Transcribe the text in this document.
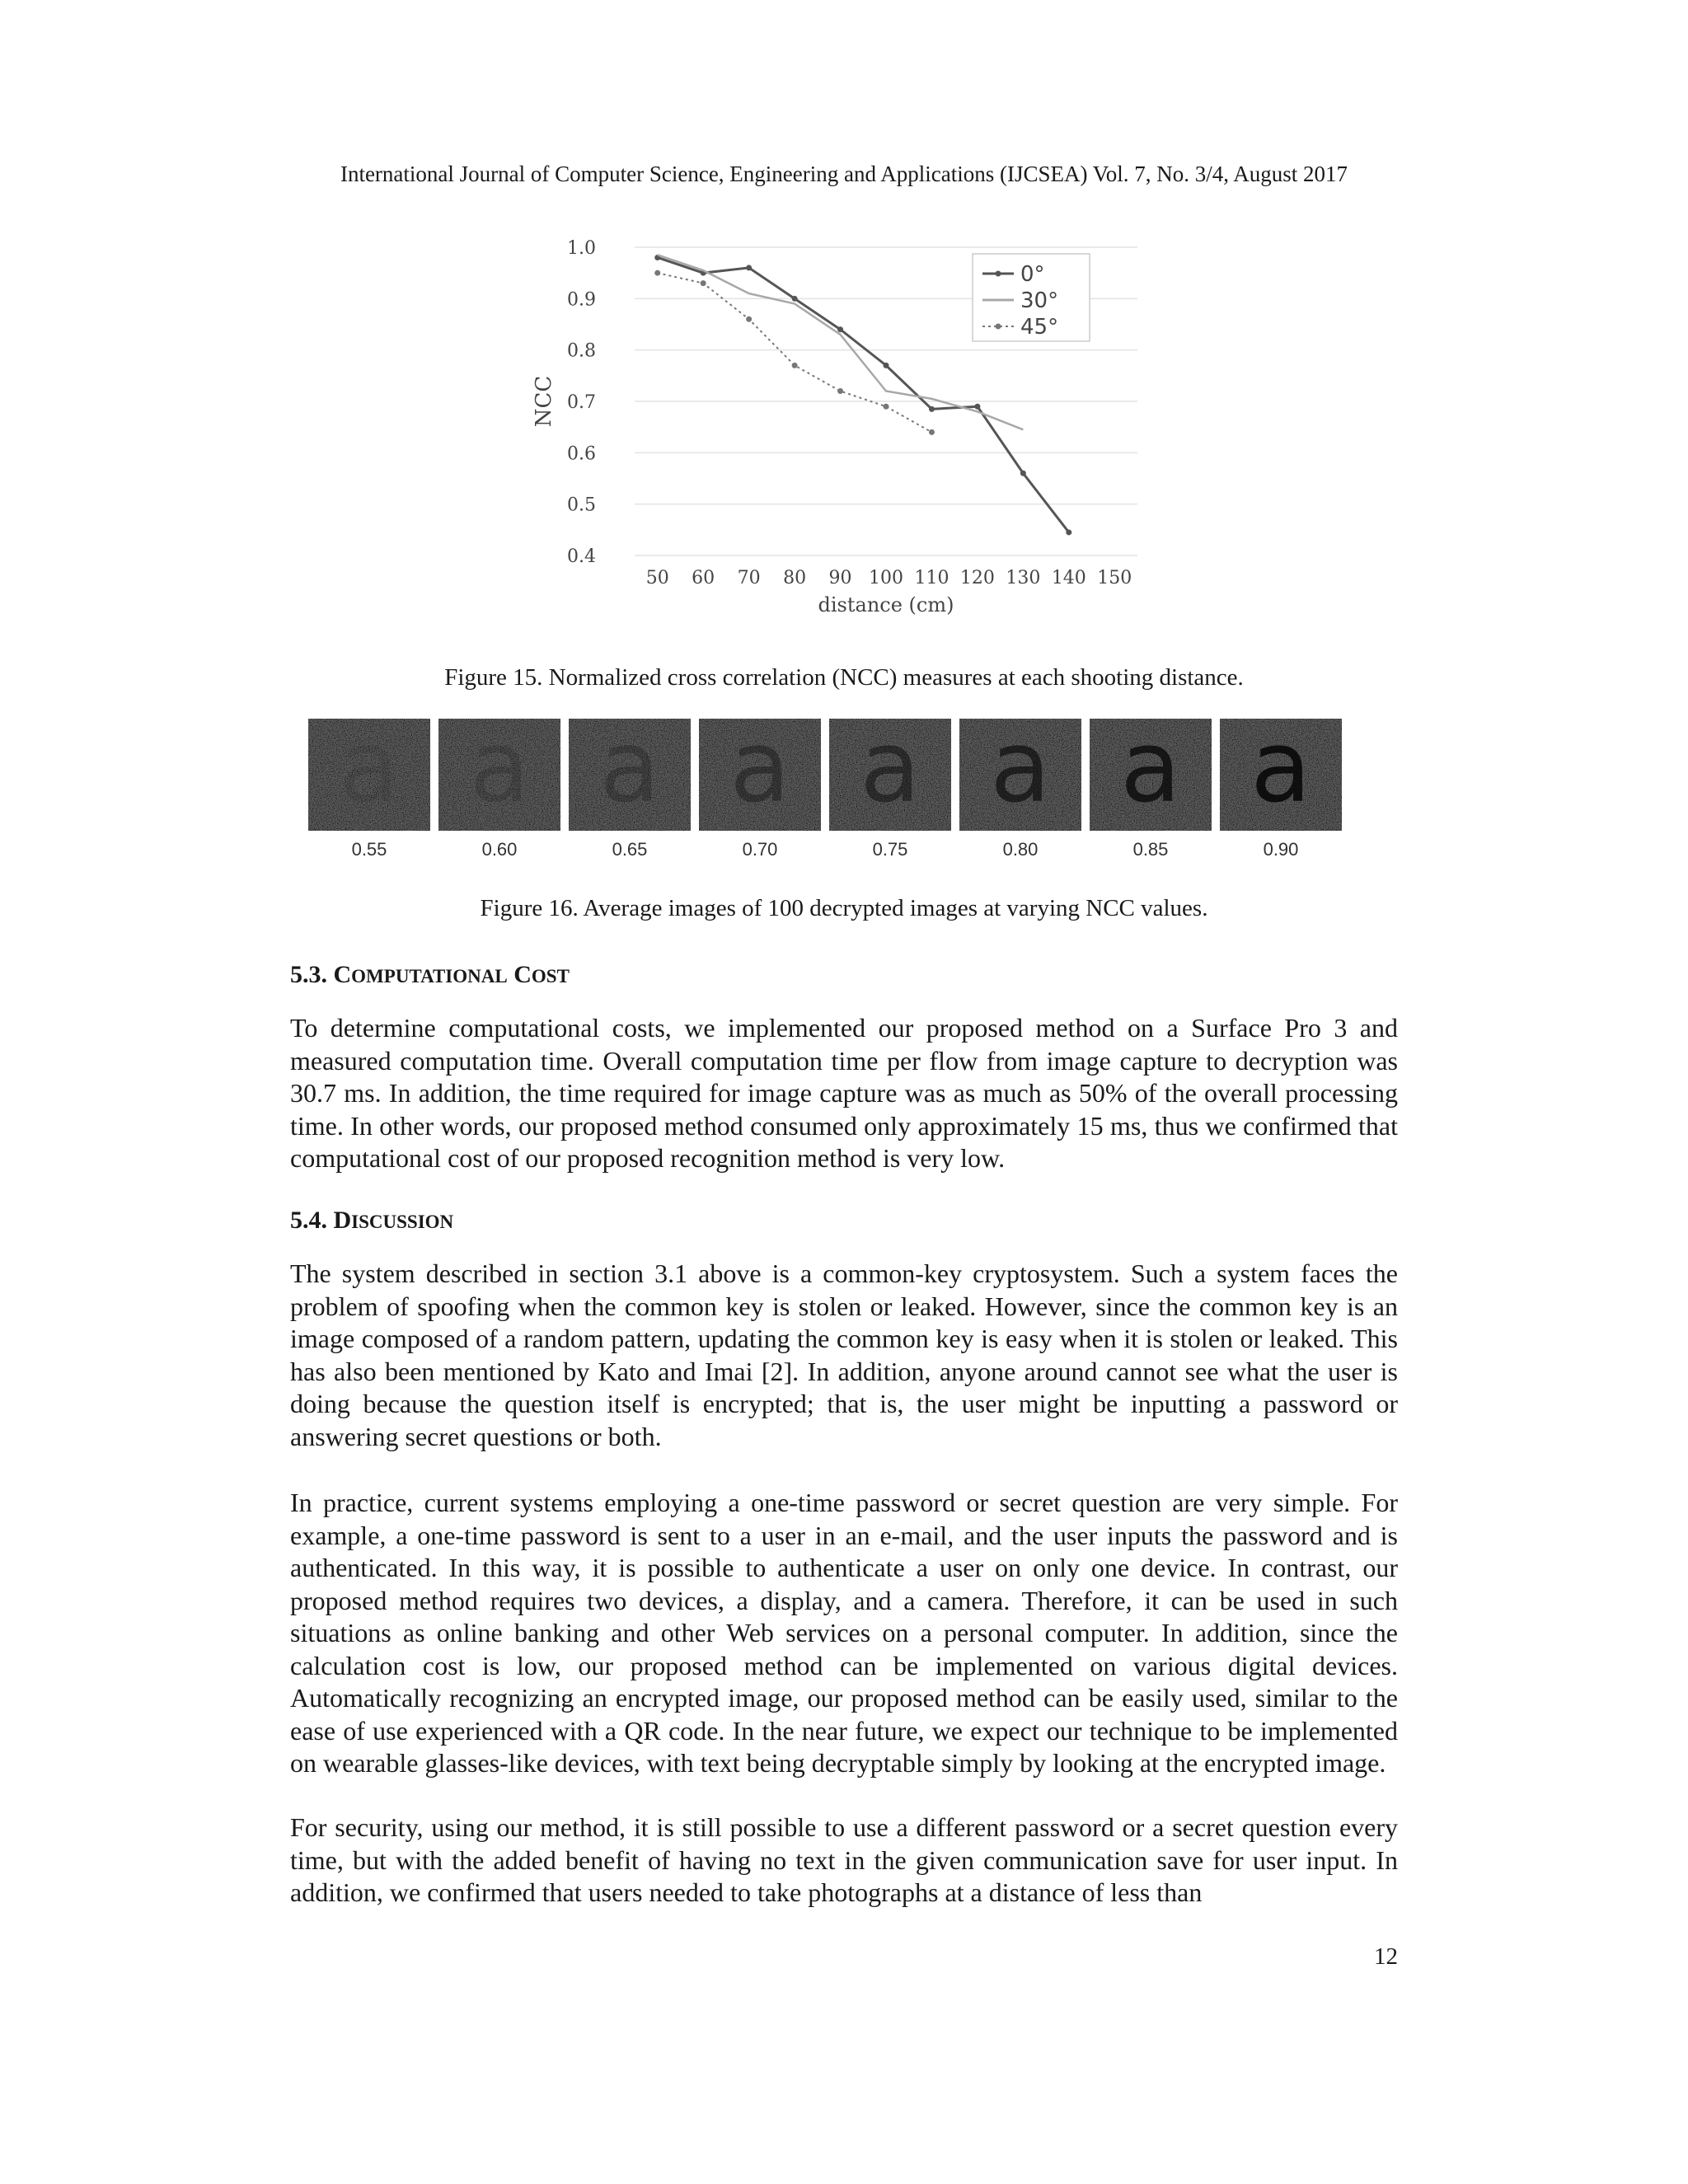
International Journal of Computer Science, Engineering and Applications (IJCSEA) Vol. 7, No. 3/4, August 2017
1.0
0.9
0.8
0.7
0.6
0.5
0.4
50 60 70 80 90 100 110 120 130 140 150
distance (cm)
NCC
0°
30°
45°
Figure 15. Normalized cross correlation (NCC) measures at each shooting distance.
a
0.55
a
0.60
a
0.65
a
0.70
a
0.75
a
0.80
a
0.85
a
0.90
Figure 16. Average images of 100 decrypted images at varying NCC values.
5.3. COMPUTATIONAL COST
To determine computational costs, we implemented our proposed method on a Surface Pro 3 and measured computation time. Overall computation time per flow from image capture to decryption was 30.7 ms. In addition, the time required for image capture was as much as 50% of the overall processing time. In other words, our proposed method consumed only approximately 15 ms, thus we confirmed that computational cost of our proposed recognition method is very low.
5.4. DISCUSSION
The system described in section 3.1 above is a common-key cryptosystem. Such a system faces the problem of spoofing when the common key is stolen or leaked. However, since the common key is an image composed of a random pattern, updating the common key is easy when it is stolen or leaked. This has also been mentioned by Kato and Imai [2]. In addition, anyone around cannot see what the user is doing because the question itself is encrypted; that is, the user might be inputting a password or answering secret questions or both.
In practice, current systems employing a one-time password or secret question are very simple. For example, a one-time password is sent to a user in an e-mail, and the user inputs the password and is authenticated. In this way, it is possible to authenticate a user on only one device. In contrast, our proposed method requires two devices, a display, and a camera. Therefore, it can be used in such situations as online banking and other Web services on a personal computer. In addition, since the calculation cost is low, our proposed method can be implemented on various digital devices. Automatically recognizing an encrypted image, our proposed method can be easily used, similar to the ease of use experienced with a QR code. In the near future, we expect our technique to be implemented on wearable glasses-like devices, with text being decryptable simply by looking at the encrypted image.
For security, using our method, it is still possible to use a different password or a secret question every time, but with the added benefit of having no text in the given communication save for user input. In addition, we confirmed that users needed to take photographs at a distance of less than
12
